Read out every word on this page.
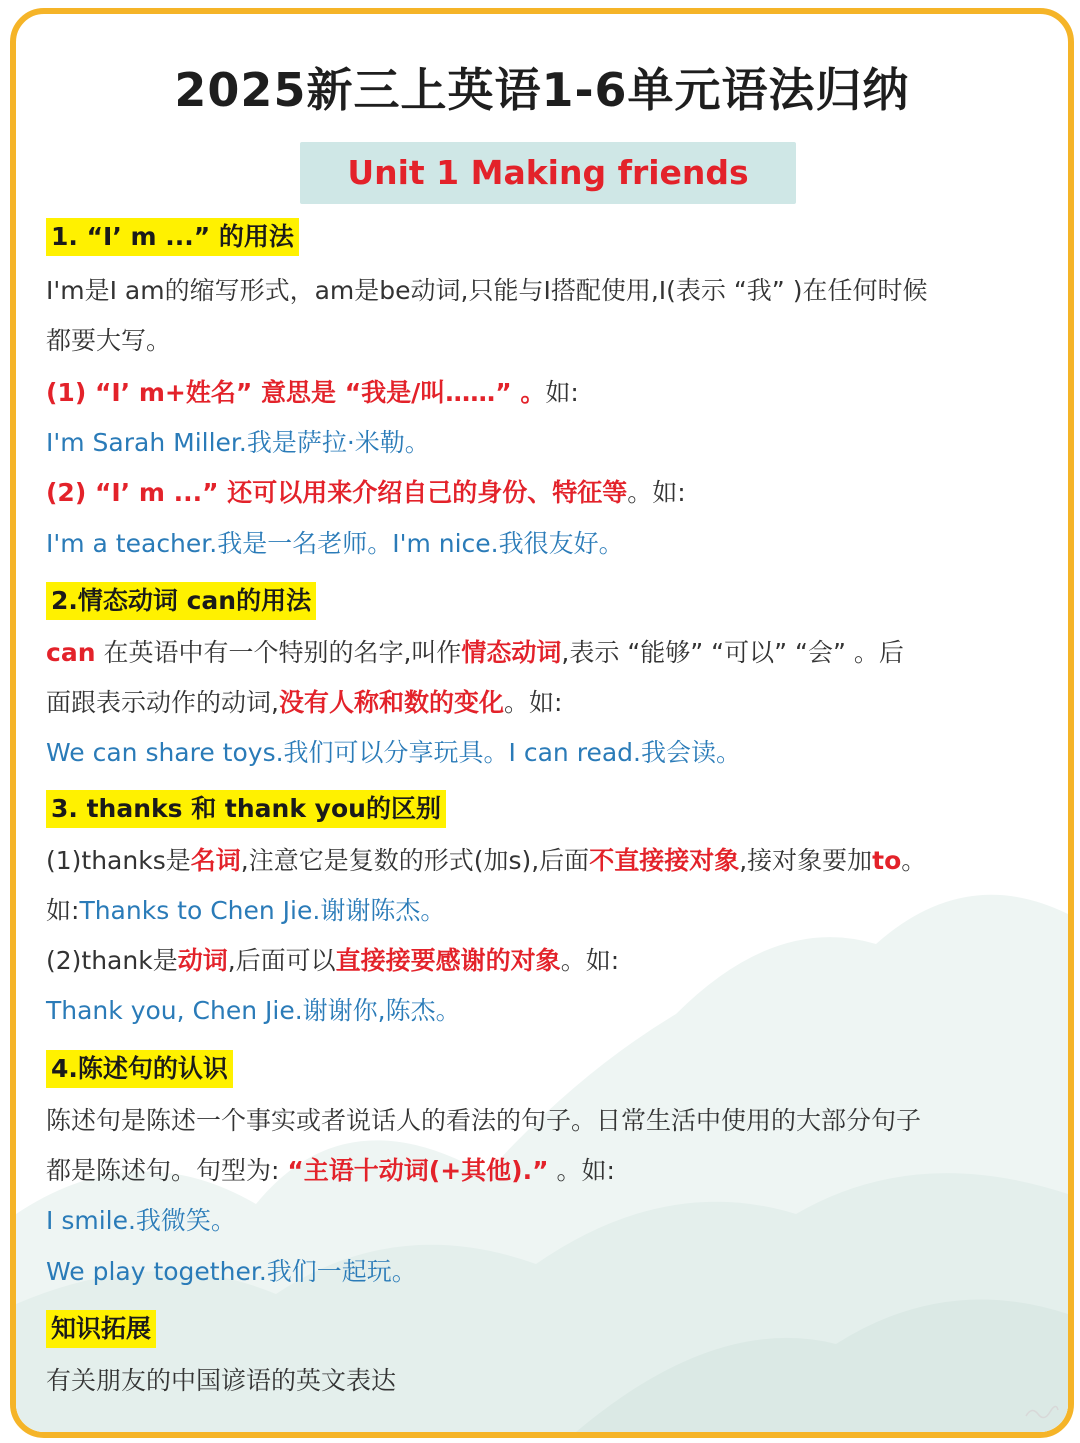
2025新三上英语1-6单元语法归纳
Unit 1 Making friends
1. “I’ m ...” 的用法
I'm是I am的缩写形式，am是be动词,只能与I搭配使用,I(表示 “我” )在任何时候
都要大写。
(1) “I’ m+姓名” 意思是 “我是/叫……” 。如:
I'm Sarah Miller.我是萨拉·米勒。
(2) “I’ m ...” 还可以用来介绍自己的身份、特征等。如:
I'm a teacher.我是一名老师。I'm nice.我很友好。
2.情态动词 can的用法
can 在英语中有一个特别的名字,叫作情态动词,表示 “能够” “可以” “会” 。后
面跟表示动作的动词,没有人称和数的变化。如:
We can share toys.我们可以分享玩具。I can read.我会读。
3. thanks 和 thank you的区别
(1)thanks是名词,注意它是复数的形式(加s),后面不直接接对象,接对象要加to。
如:Thanks to Chen Jie.谢谢陈杰。
(2)thank是动词,后面可以直接接要感谢的对象。如:
Thank you, Chen Jie.谢谢你,陈杰。
4.陈述句的认识
陈述句是陈述一个事实或者说话人的看法的句子。日常生活中使用的大部分句子
都是陈述句。句型为: “主语十动词(+其他).” 。如:
I smile.我微笑。
We play together.我们一起玩。
知识拓展
有关朋友的中国谚语的英文表达
